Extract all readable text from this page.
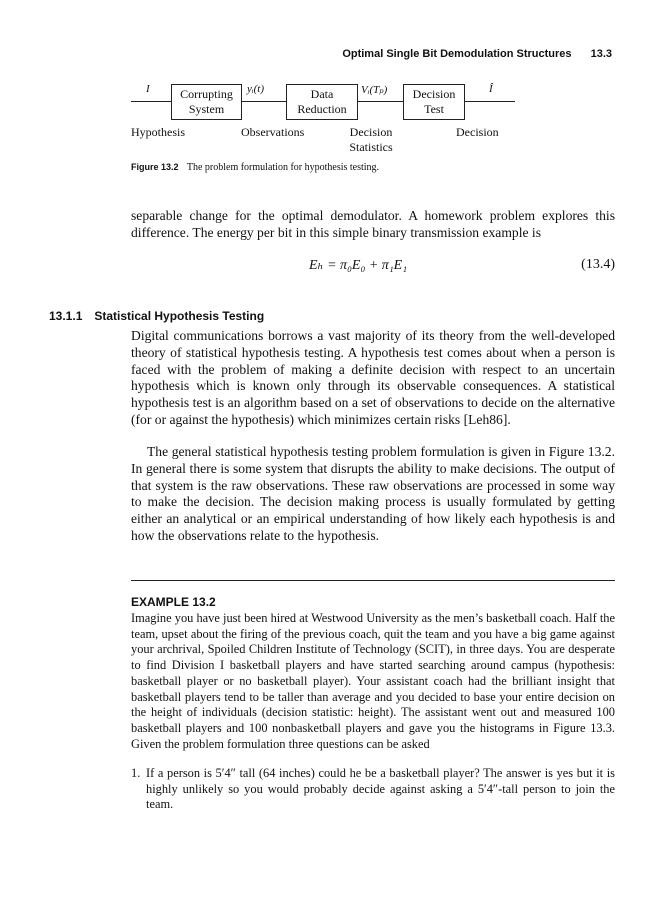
Optimal Single Bit Demodulation Structures 13.3
I	yᵢ(t)	Vᵢ(Tₚ)	Î
Corrupting
System
Data
Reduction
Decision
Test
Hypothesis	Observations	Decision
Statistics
Decision
Figure 13.2 The problem formulation for hypothesis testing.

separable change for the optimal demodulator. A homework problem explores this difference. The energy per bit in this simple binary transmission example is

Eₕ = π₀E₀ + π₁E₁	(13.4)
13.1.1 Statistical Hypothesis Testing

Digital communications borrows a vast majority of its theory from the well-developed theory of statistical hypothesis testing. A hypothesis test comes about when a person is faced with the problem of making a definite decision with respect to an uncertain hypothesis which is known only through its observable consequences. A statistical hypothesis test is an algorithm based on a set of observations to decide on the alternative (for or against the hypothesis) which minimizes certain risks [Leh86].

The general statistical hypothesis testing problem formulation is given in Figure 13.2. In general there is some system that disrupts the ability to make decisions. The output of that system is the raw observations. These raw observations are processed in some way to make the decision. The decision making process is usually formulated by getting either an analytical or an empirical understanding of how likely each hypothesis is and how the observations relate to the hypothesis.

EXAMPLE 13.2

Imagine you have just been hired at Westwood University as the men’s basketball coach. Half the team, upset about the firing of the previous coach, quit the team and you have a big game against your archrival, Spoiled Children Institute of Technology (SCIT), in three days. You are desperate to find Division I basketball players and have started searching around campus (hypothesis: basketball player or no basketball player). Your assistant coach had the brilliant insight that basketball players tend to be taller than average and you decided to base your entire decision on the height of individuals (decision statistic: height). The assistant went out and measured 100 basketball players and 100 nonbasketball players and gave you the histograms in Figure 13.3. Given the problem formulation three questions can be asked

1. If a person is 5′4″ tall (64 inches) could he be a basketball player? The answer is yes but it is highly unlikely so you would probably decide against asking a 5′4″-tall person to join the team.
